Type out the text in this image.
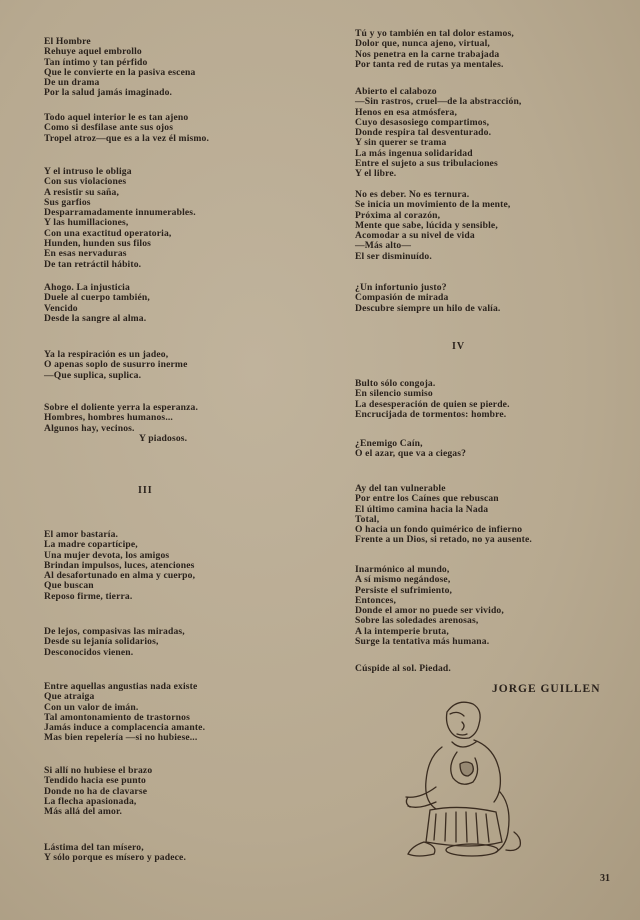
El Hombre
Rehuye aquel embrollo
Tan íntimo y tan pérfido
Que le convierte en la pasiva escena
De un drama
Por la salud jamás imaginado.
Todo aquel interior le es tan ajeno
Como si desfilase ante sus ojos
Tropel atroz—que es a la vez él mismo.
Y el intruso le obliga
Con sus violaciones
A resistir su saña,
Sus garfios
Desparramadamente innumerables.
Y las humillaciones,
Con una exactitud operatoria,
Hunden, hunden sus filos
En esas nervaduras
De tan retráctil hábito.
Ahogo. La injusticia
Duele al cuerpo también,
Vencido
Desde la sangre al alma.
Ya la respiración es un jadeo,
O apenas soplo de susurro inerme
—Que suplica, suplica.
Sobre el doliente yerra la esperanza.
Hombres, hombres humanos...
Algunos hay, vecinos.
Y piadosos.
El amor bastaría.
La madre copartícipe,
Una mujer devota, los amigos
Brindan impulsos, luces, atenciones
Al desafortunado en alma y cuerpo,
Que buscan
Reposo firme, tierra.
De lejos, compasivas las miradas,
Desde su lejanía solidarios,
Desconocidos vienen.
Entre aquellas angustias nada existe
Que atraiga
Con un valor de imán.
Tal amontonamiento de trastornos
Jamás induce a complacencia amante.
Mas bien repelería —si no hubiese...
Si allí no hubiese el brazo
Tendido hacia ese punto
Donde no ha de clavarse
La flecha apasionada,
Más allá del amor.
Lástima del tan mísero,
Y sólo porque es mísero y padece.
Tú y yo también en tal dolor estamos,
Dolor que, nunca ajeno, virtual,
Nos penetra en la carne trabajada
Por tanta red de rutas ya mentales.
Abierto el calabozo
—Sin rastros, cruel—de la abstracción,
Henos en esa atmósfera,
Cuyo desasosiego compartimos,
Donde respira tal desventurado.
Y sin querer se trama
La más ingenua solidaridad
Entre el sujeto a sus tribulaciones
Y el libre.
No es deber. No es ternura.
Se inicia un movimiento de la mente,
Próxima al corazón,
Mente que sabe, lúcida y sensible,
Acomodar a su nivel de vida
—Más alto—
El ser disminuído.
¿Un infortunio justo?
Compasión de mirada
Descubre siempre un hilo de valía.
Bulto sólo congoja.
En silencio sumiso
La desesperación de quien se pierde.
Encrucijada de tormentos: hombre.
¿Enemigo Caín,
O el azar, que va a ciegas?
Ay del tan vulnerable
Por entre los Caínes que rebuscan
El último camina hacia la Nada
Total,
O hacia un fondo quimérico de infierno
Frente a un Dios, si retado, no ya ausente.
Inarmónico al mundo,
A sí mismo negándose,
Persiste el sufrimiento,
Entonces,
Donde el amor no puede ser vivido,
Sobre las soledades arenosas,
A la intemperie bruta,
Surge la tentativa más humana.
Cúspide al sol. Piedad.
III
IV
JORGE GUILLEN
31
